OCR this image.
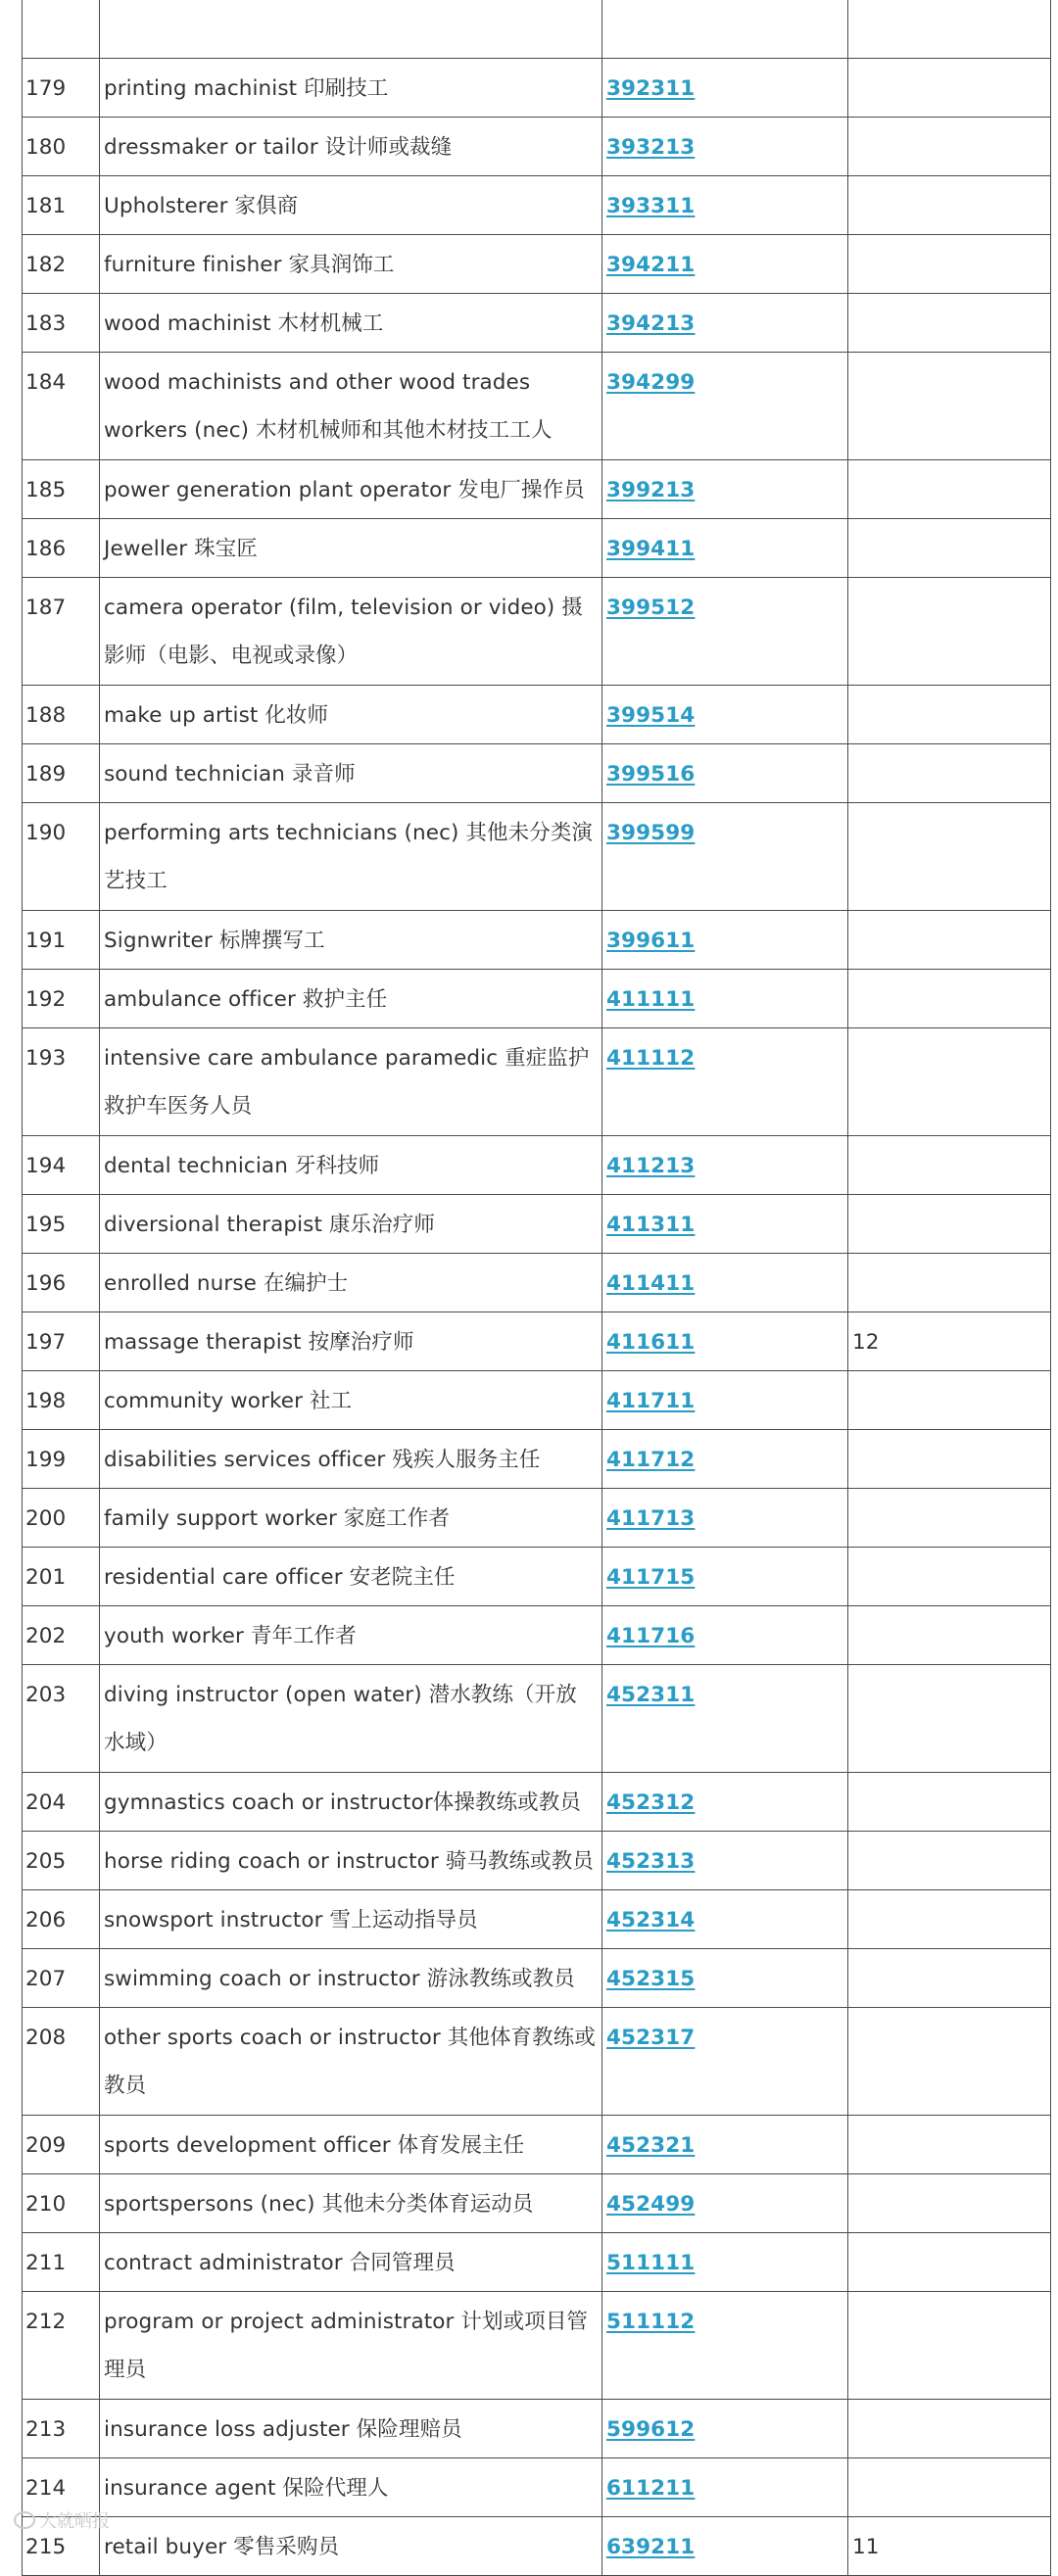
179	printing machinist 印刷技工	392311	

180	dressmaker or tailor 设计师或裁缝	393213	

181	Upholsterer 家俱商	393311	

182	furniture finisher 家具润饰工	394211	

183	wood machinist 木材机械工	394213	

184	wood machinists and other wood trades workers (nec) 木材机械师和其他木材技工工人	394299	

185	power generation plant operator 发电厂操作员	399213	

186	Jeweller 珠宝匠	399411	

187	camera operator (film, television or video) 摄影师（电影、电视或录像）	399512	

188	make up artist 化妆师	399514	

189	sound technician 录音师	399516	

190	performing arts technicians (nec) 其他未分类演艺技工	399599	

191	Signwriter 标牌撰写工	399611	

192	ambulance officer 救护主任	411111	

193	intensive care ambulance paramedic 重症监护救护车医务人员	411112	

194	dental technician 牙科技师	411213	

195	diversional therapist 康乐治疗师	411311	

196	enrolled nurse 在编护士	411411	

197	massage therapist 按摩治疗师	411611	12

198	community worker 社工	411711	

199	disabilities services officer 残疾人服务主任	411712	

200	family support worker 家庭工作者	411713	

201	residential care officer 安老院主任	411715	

202	youth worker 青年工作者	411716	

203	diving instructor (open water) 潜水教练（开放水域）	452311	

204	gymnastics coach or instructor体操教练或教员	452312	

205	horse riding coach or instructor 骑马教练或教员	452313	

206	snowsport instructor 雪上运动指导员	452314	

207	swimming coach or instructor 游泳教练或教员	452315	

208	other sports coach or instructor 其他体育教练或教员	452317	

209	sports development officer 体育发展主任	452321	

210	sportspersons (nec) 其他未分类体育运动员	452499	

211	contract administrator 合同管理员	511111	

212	program or project administrator 计划或项目管理员	511112	

213	insurance loss adjuster 保险理赔员	599612	

214	insurance agent 保险代理人	611211	

215	retail buyer 零售采购员	639211	11
大就晒报
